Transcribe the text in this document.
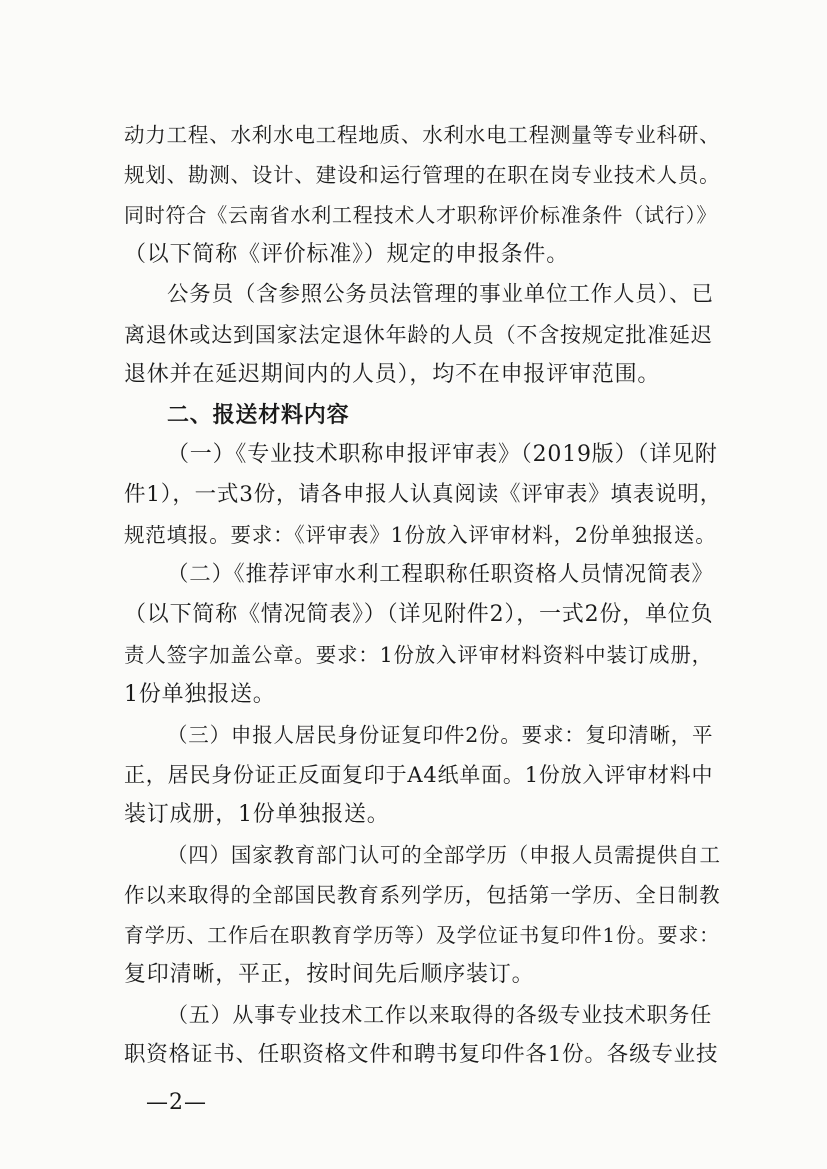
动力工程、水利水电工程地质、水利水电工程测量等专业科研、
规划、勘测、设计、建设和运行管理的在职在岗专业技术人员。
同时符合《云南省水利工程技术人才职称评价标准条件（试行）》
（以下简称《评价标准》）规定的申报条件。
公务员（含参照公务员法管理的事业单位工作人员）、已
离退休或达到国家法定退休年龄的人员（不含按规定批准延迟
退休并在延迟期间内的人员），均不在申报评审范围。
二、报送材料内容
（一）《专业技术职称申报评审表》（2019版）（详见附
件1），一式3份，请各申报人认真阅读《评审表》填表说明，
规范填报。要求：《评审表》1份放入评审材料，2份单独报送。
（二）《推荐评审水利工程职称任职资格人员情况简表》
（以下简称《情况简表》）（详见附件2），一式2份，单位负
责人签字加盖公章。要求：1份放入评审材料资料中装订成册，
1份单独报送。
（三）申报人居民身份证复印件2份。要求：复印清晰，平
正，居民身份证正反面复印于A4纸单面。1份放入评审材料中
装订成册，1份单独报送。
（四）国家教育部门认可的全部学历（申报人员需提供自工
作以来取得的全部国民教育系列学历，包括第一学历、全日制教
育学历、工作后在职教育学历等）及学位证书复印件1份。要求：
复印清晰，平正，按时间先后顺序装订。
（五）从事专业技术工作以来取得的各级专业技术职务任
职资格证书、任职资格文件和聘书复印件各1份。各级专业技
—2—
